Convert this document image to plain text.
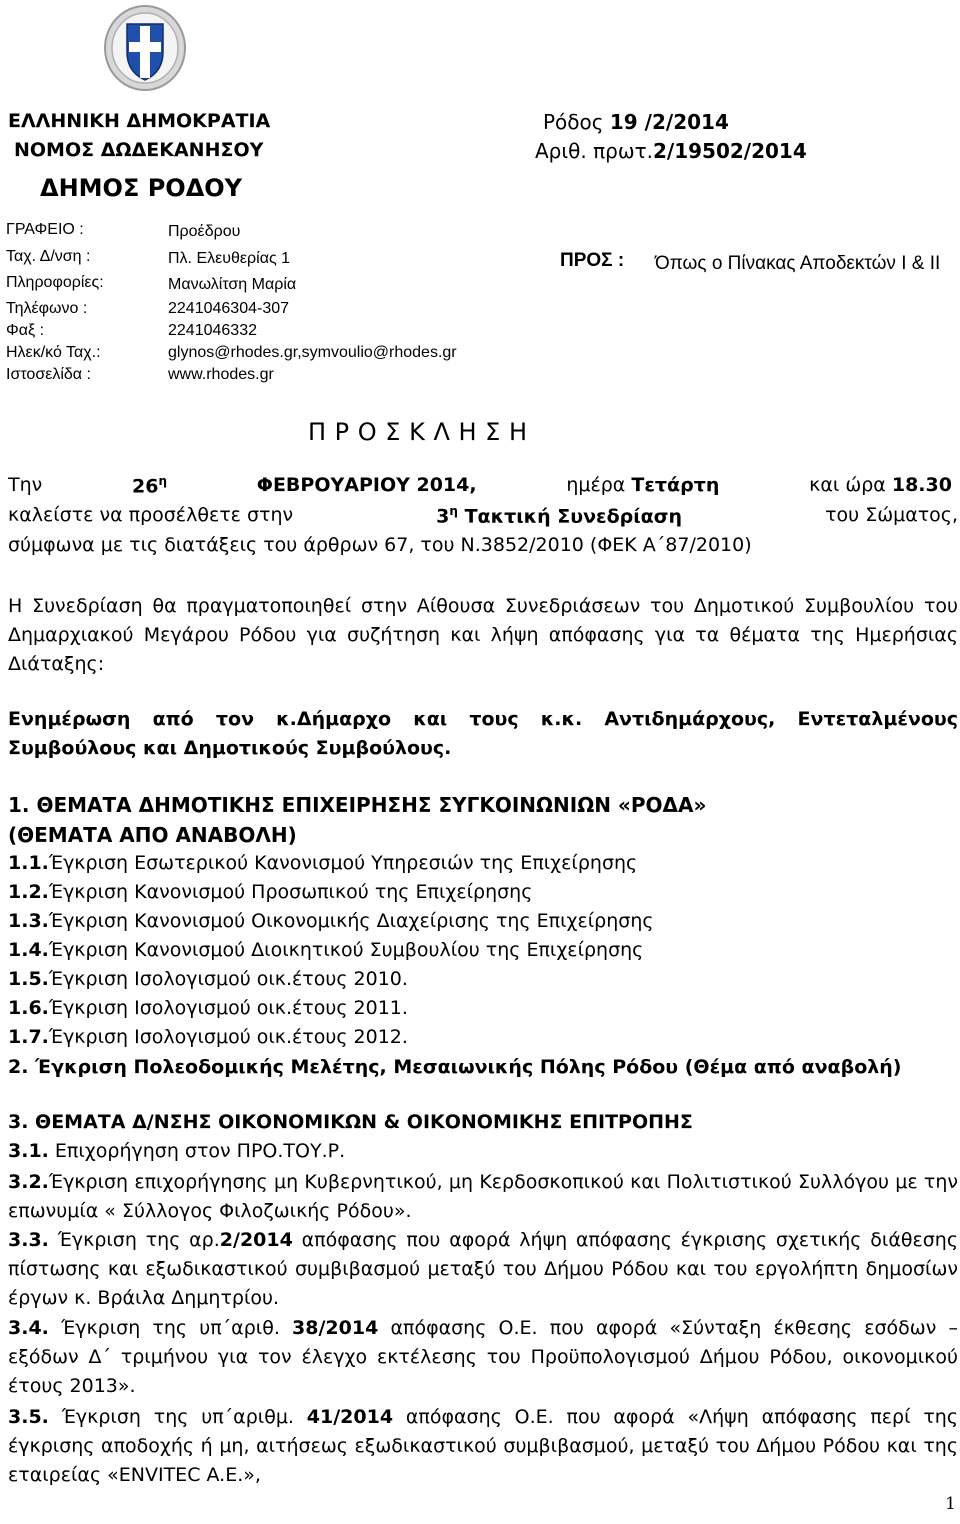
ΕΛΛΗΝΙΚΗ ΔΗΜΟΚΡΑΤΙΑ
ΝΟΜΟΣ ΔΩΔΕΚΑΝΗΣΟΥ
ΔΗΜΟΣ ΡΟΔΟΥ
Ρόδος 19 /2/2014
Αριθ. πρωτ.2/19502/2014
ΓΡΑΦΕΙΟ :	Προέδρου
Ταχ. Δ/νση :	Πλ. Ελευθερίας 1
Πληροφορίες:	Μανωλίτση Μαρία
Τηλέφωνο :	2241046304-307
Φαξ :	2241046332
Ηλεκ/κό Ταχ.:	glynos@rhodes.gr,symvoulio@rhodes.gr
Ιστοσελίδα :	www.rhodes.gr
ΠΡΟΣ : Όπως ο Πίνακας Αποδεκτών Ι & ΙΙ
Π Ρ Ο Σ Κ Λ Η Σ Η
Την	$26^\eta$	ΦΕΒΡΟΥΑΡΙΟΥ 2014,	ημέρα Τετάρτη	και ώρα 18.30
καλείστε να προσέλθετε στην	$3^\eta$ Τακτική Συνεδρίαση	του Σώματος,
σύμφωνα με τις διατάξεις του άρθρων 67, του Ν.3852/2010 (ΦΕΚ Α΄87/2010)
Η Συνεδρίαση θα πραγματοποιηθεί στην Αίθουσα Συνεδριάσεων του Δημοτικού Συμβουλίου του Δημαρχιακού Μεγάρου Ρόδου για συζήτηση και λήψη απόφασης για τα θέματα της Ημερήσιας Διάταξης:
Ενημέρωση από τον κ.Δήμαρχο και τους κ.κ. Αντιδημάρχους, Εντεταλμένους Συμβούλους και Δημοτικούς Συμβούλους.
1. ΘΕΜΑΤΑ ΔΗΜΟΤΙΚΗΣ ΕΠΙΧΕΙΡΗΣΗΣ ΣΥΓΚΟΙΝΩΝΙΩΝ «ΡΟΔΑ»
(ΘΕΜΑΤΑ ΑΠΟ ΑΝΑΒΟΛΗ)
1.1.Έγκριση Εσωτερικού Κανονισμού Υπηρεσιών της Επιχείρησης
1.2.Έγκριση Κανονισμού Προσωπικού της Επιχείρησης
1.3.Έγκριση Κανονισμού Οικονομικής Διαχείρισης της Επιχείρησης
1.4.Έγκριση Κανονισμού Διοικητικού Συμβουλίου της Επιχείρησης
1.5.Έγκριση Ισολογισμού οικ.έτους 2010.
1.6.Έγκριση Ισολογισμού οικ.έτους 2011.
1.7.Έγκριση Ισολογισμού οικ.έτους 2012.
2. Έγκριση Πολεοδομικής Μελέτης, Μεσαιωνικής Πόλης Ρόδου (Θέμα από αναβολή)
3. ΘΕΜΑΤΑ Δ/ΝΣΗΣ ΟΙΚΟΝΟΜΙΚΩΝ & ΟΙΚΟΝΟΜΙΚΗΣ ΕΠΙΤΡΟΠΗΣ
3.1. Επιχορήγηση στον ΠΡΟ.ΤΟΥ.Ρ.
3.2.Έγκριση επιχορήγησης μη Κυβερνητικού, μη Κερδοσκοπικού και Πολιτιστικού Συλλόγου με την επωνυμία « Σύλλογος Φιλοζωικής Ρόδου».
3.3. Έγκριση της αρ.2/2014 απόφασης που αφορά λήψη απόφασης έγκρισης σχετικής διάθεσης πίστωσης και εξωδικαστικού συμβιβασμού μεταξύ του Δήμου Ρόδου και του εργολήπτη δημοσίων έργων κ. Βράιλα Δημητρίου.
3.4. Έγκριση της υπ΄αριθ. 38/2014 απόφασης Ο.Ε. που αφορά «Σύνταξη έκθεσης εσόδων – εξόδων Δ΄ τριμήνου για τον έλεγχο εκτέλεσης του Προϋπολογισμού Δήμου Ρόδου, οικονομικού έτους 2013».
3.5. Έγκριση της υπ΄αριθμ. 41/2014 απόφασης Ο.Ε. που αφορά «Λήψη απόφασης περί της έγκρισης αποδοχής ή μη, αιτήσεως εξωδικαστικού συμβιβασμού, μεταξύ του Δήμου Ρόδου και της εταιρείας «ENVITEC A.E.»,
1
